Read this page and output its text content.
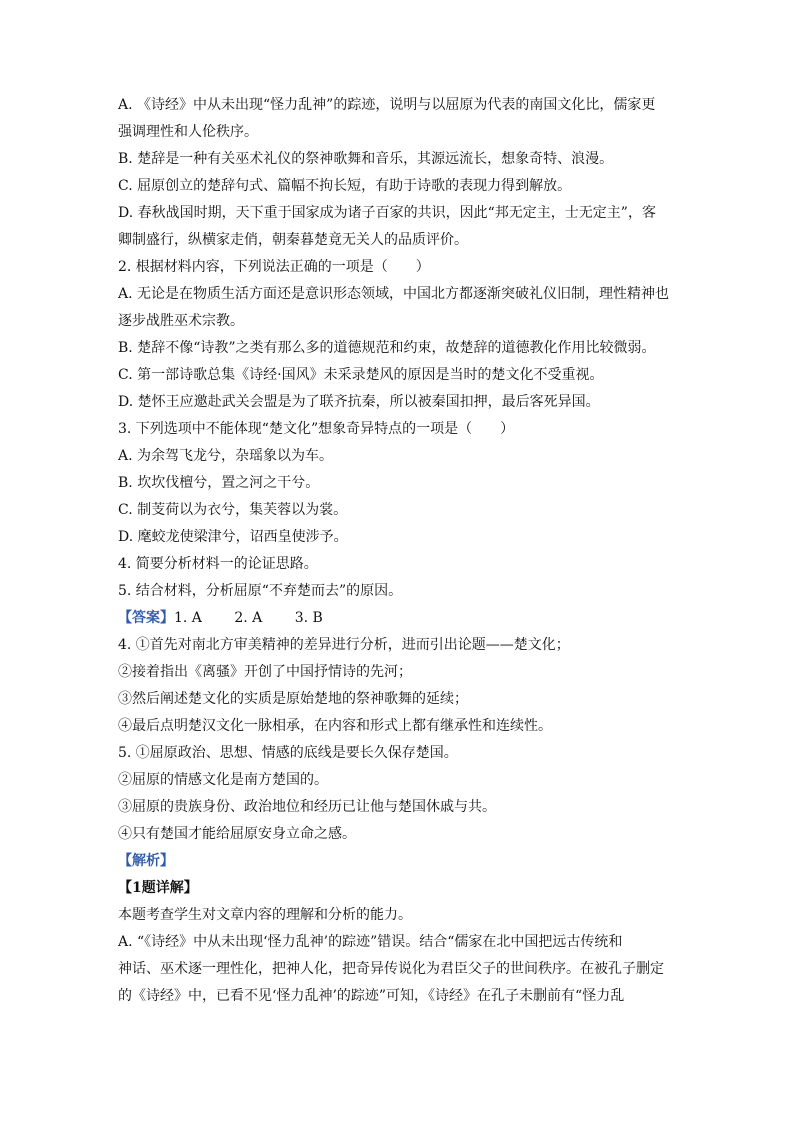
A. 《诗经》中从未出现“怪力乱神”的踪迹，说明与以屈原为代表的南国文化比，儒家更

强调理性和人伦秩序。

B. 楚辞是一种有关巫术礼仪的祭神歌舞和音乐，其源远流长，想象奇特、浪漫。

C. 屈原创立的楚辞句式、篇幅不拘长短，有助于诗歌的表现力得到解放。

D. 春秋战国时期，天下重于国家成为诸子百家的共识，因此“邦无定主，士无定主”，客

卿制盛行，纵横家走俏，朝秦暮楚竟无关人的品质评价。

2. 根据材料内容，下列说法正确的一项是（　　）

A. 无论是在物质生活方面还是意识形态领域，中国北方都逐渐突破礼仪旧制，理性精神也

逐步战胜巫术宗教。

B. 楚辞不像“诗教”之类有那么多的道德规范和约束，故楚辞的道德教化作用比较微弱。

C. 第一部诗歌总集《诗经·国风》未采录楚风的原因是当时的楚文化不受重视。

D. 楚怀王应邀赴武关会盟是为了联齐抗秦，所以被秦国扣押，最后客死异国。

3. 下列选项中不能体现“楚文化”想象奇异特点的一项是（　　）

A. 为余驾飞龙兮，杂瑶象以为车。

B. 坎坎伐檀兮，置之河之干兮。

C. 制芰荷以为衣兮，集芙蓉以为裳。

D. 麾蛟龙使梁津兮，诏西皇使涉予。

4. 简要分析材料一的论证思路。

5. 结合材料，分析屈原“不弃楚而去”的原因。

【答案】1. A　　 2. A　　 3. B

4. ①首先对南北方审美精神的差异进行分析，进而引出论题——楚文化；

②接着指出《离骚》开创了中国抒情诗的先河；

③然后阐述楚文化的实质是原始楚地的祭神歌舞的延续；

④最后点明楚汉文化一脉相承，在内容和形式上都有继承性和连续性。

5. ①屈原政治、思想、情感的底线是要长久保存楚国。

②屈原的情感文化是南方楚国的。

③屈原的贵族身份、政治地位和经历已让他与楚国休戚与共。

④只有楚国才能给屈原安身立命之感。

【解析】

【1题详解】

本题考查学生对文章内容的理解和分析的能力。

A. “《诗经》中从未出现‘怪力乱神’的踪迹”错误。结合“儒家在北中国把远古传统和

神话、巫术逐一理性化，把神人化，把奇异传说化为君臣父子的世间秩序。在被孔子删定

的《诗经》中，已看不见‘怪力乱神’的踪迹”可知，《诗经》在孔子未删前有“怪力乱
